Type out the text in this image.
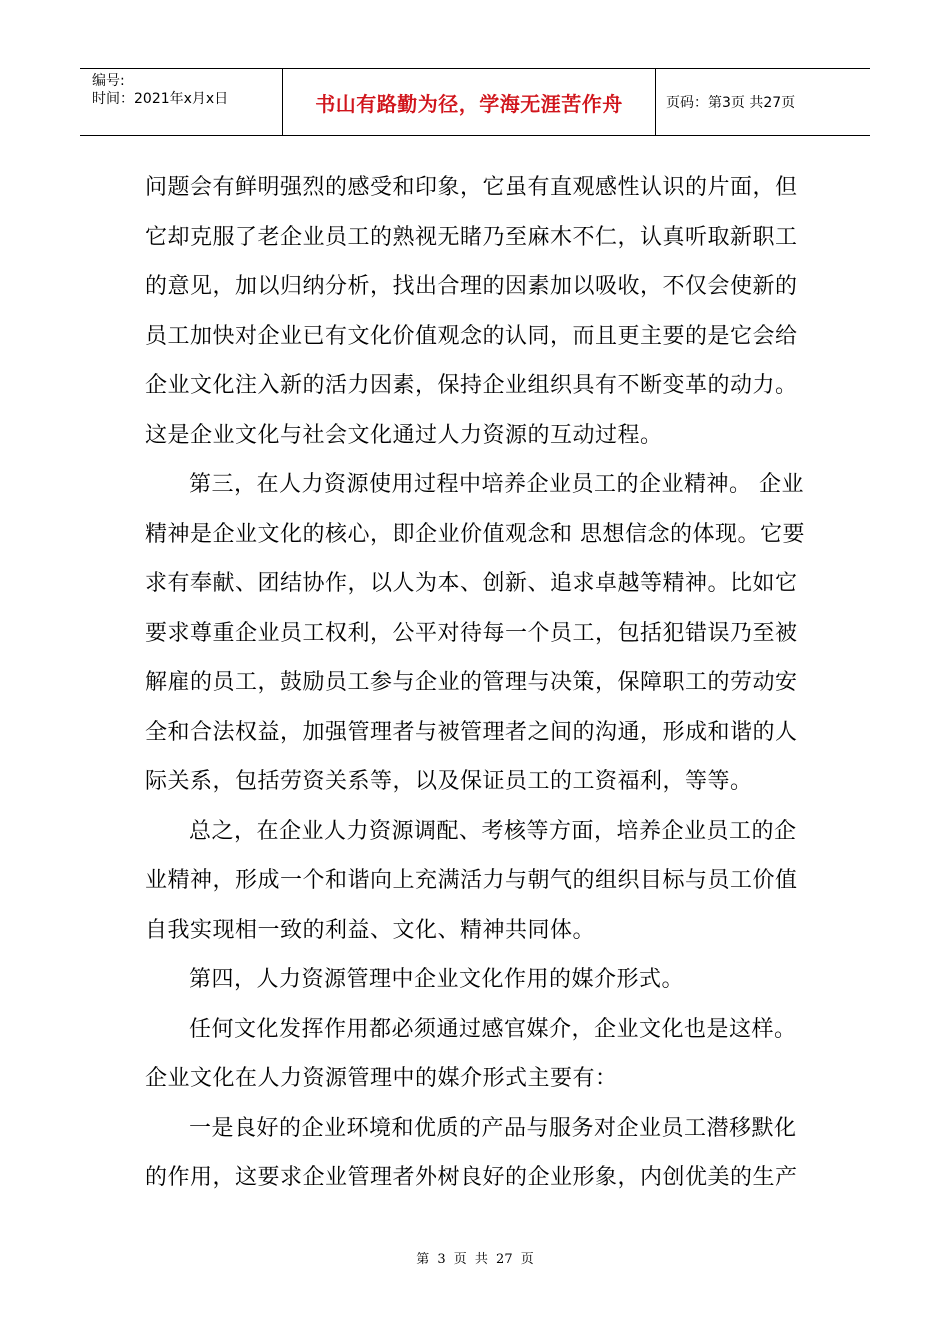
编号:
时间：2021年x月x日	书山有路勤为径，学海无涯苦作舟	页码：第3页 共27页
问题会有鲜明强烈的感受和印象，它虽有直观感性认识的片面，但
它却克服了老企业员工的熟视无睹乃至麻木不仁，认真听取新职工
的意见，加以归纳分析，找出合理的因素加以吸收，不仅会使新的
员工加快对企业已有文化价值观念的认同，而且更主要的是它会给
企业文化注入新的活力因素，保持企业组织具有不断变革的动力。
这是企业文化与社会文化通过人力资源的互动过程。
第三，在人力资源使用过程中培养企业员工的企业精神。 企业
精神是企业文化的核心，即企业价值观念和 思想信念的体现。它要
求有奉献、团结协作，以人为本、创新、追求卓越等精神。比如它
要求尊重企业员工权利，公平对待每一个员工，包括犯错误乃至被
解雇的员工，鼓励员工参与企业的管理与决策，保障职工的劳动安
全和合法权益，加强管理者与被管理者之间的沟通，形成和谐的人
际关系，包括劳资关系等，以及保证员工的工资福利，等等。
总之，在企业人力资源调配、考核等方面，培养企业员工的企
业精神，形成一个和谐向上充满活力与朝气的组织目标与员工价值
自我实现相一致的利益、文化、精神共同体。
第四，人力资源管理中企业文化作用的媒介形式。
任何文化发挥作用都必须通过感官媒介，企业文化也是这样。
企业文化在人力资源管理中的媒介形式主要有：
一是良好的企业环境和优质的产品与服务对企业员工潜移默化
的作用，这要求企业管理者外树良好的企业形象，内创优美的生产
第 3 页 共 27 页
